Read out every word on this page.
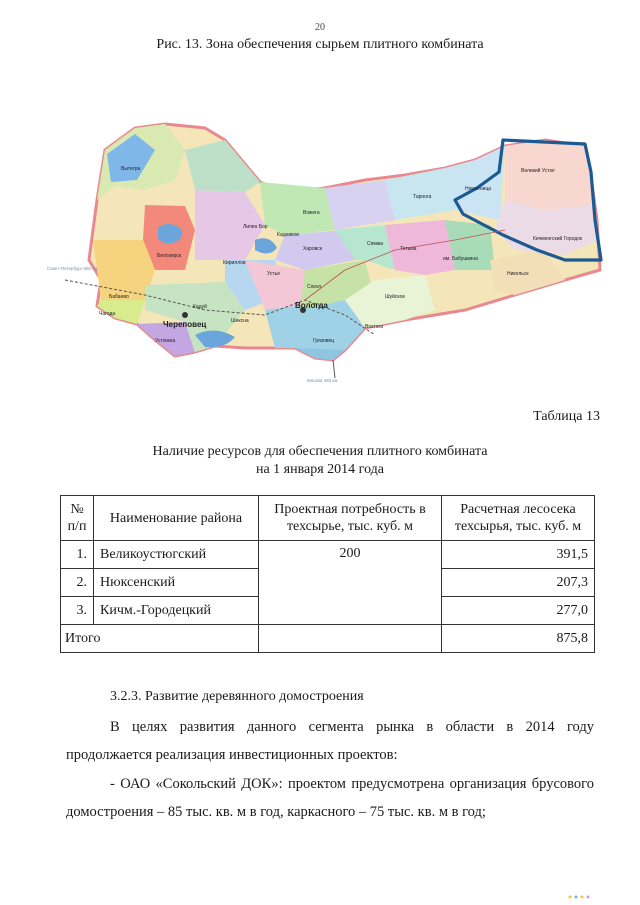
20
Рис. 13. Зона обеспечения сырьем плитного комбината
Череповец
Вологда
Вытегра
Белозерск
Кириллов
Вожега
Харовск
Тарнога
Нюксеница
Великий Устюг
Кичменгский Городок
Никольск
Тотьма
им. Бабушкина
Сокол
Шексна
Кадуй
Бабаево
Чагода
Устюжна	Грязовец
Шуйское
Сямжа
Устье
Липин Бор
Вохтога
Кадников
Санкт-Петербург 650 км
Москва 450 км
Таблица 13
Наличие ресурсов для обеспечения плитного комбината
на 1 января 2014 года
№ п/п	Наименование района	Проектная потребность в техсырье, тыс. куб. м	Расчетная лесосека техсырья, тыс. куб. м
1.	Великоустюгский	200	391,5
2.	Нюксенский		207,3
3.	Кичм.-Городецкий		277,0
Итого			875,8
3.2.3. Развитие деревянного домостроения
В целях развития данного сегмента рынка в области в 2014 году продолжается реализация инвестиционных проектов:
- ОАО «Сокольский ДОК»: проектом предусмотрена организация брусового домостроения – 85 тыс. кв. м в год, каркасного – 75 тыс. кв. м в год;
